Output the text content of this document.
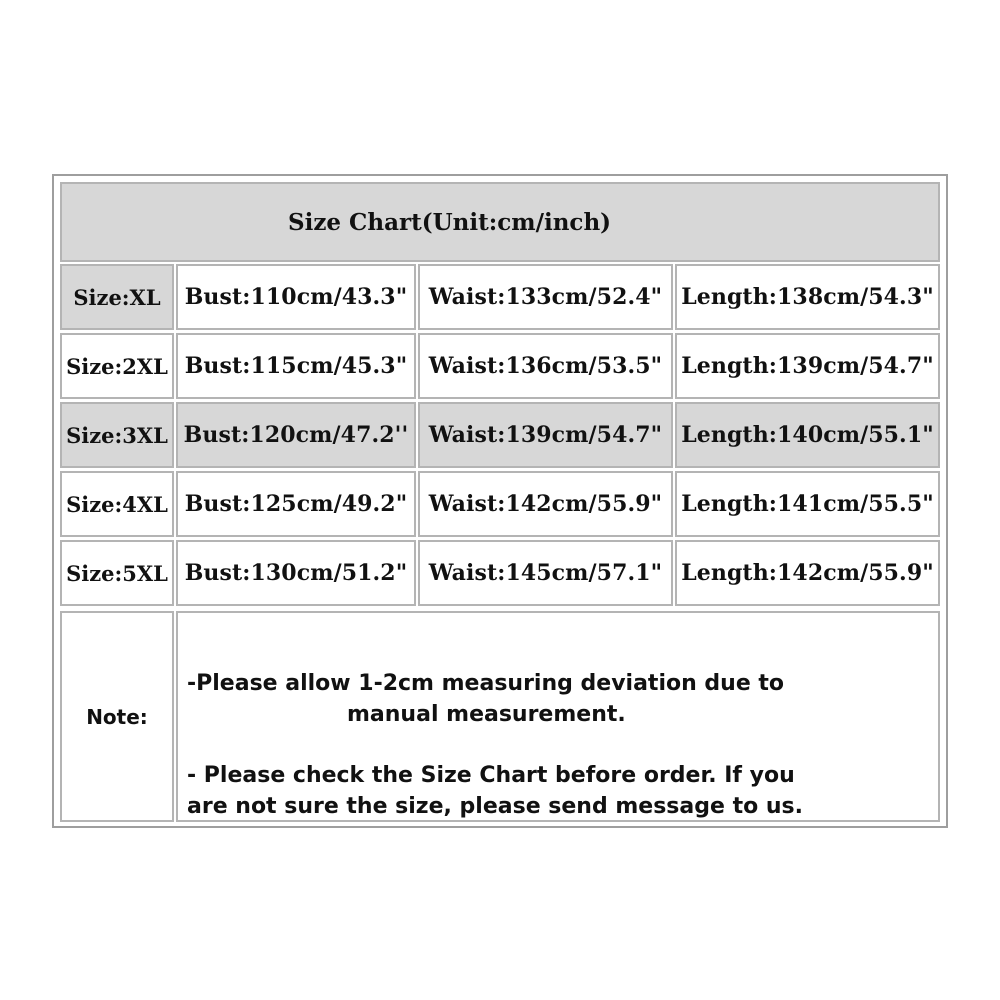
Size Chart(Unit:cm/inch)
Size:XL	Bust:110cm/43.3" Waist:133cm/52.4" Length:138cm/54.3"
Size:2XL Bust:115cm/45.3" Waist:136cm/53.5" Length:139cm/54.7"
Size:3XL Bust:120cm/47.2'' Waist:139cm/54.7" Length:140cm/55.1"
Size:4XL Bust:125cm/49.2" Waist:142cm/55.9" Length:141cm/55.5"
Size:5XL Bust:130cm/51.2" Waist:145cm/57.1" Length:142cm/55.9"
Note:
-Please allow 1-2cm measuring deviation due to
manual measurement.
- Please check the Size Chart before order. If you
are not sure the size, please send message to us.
